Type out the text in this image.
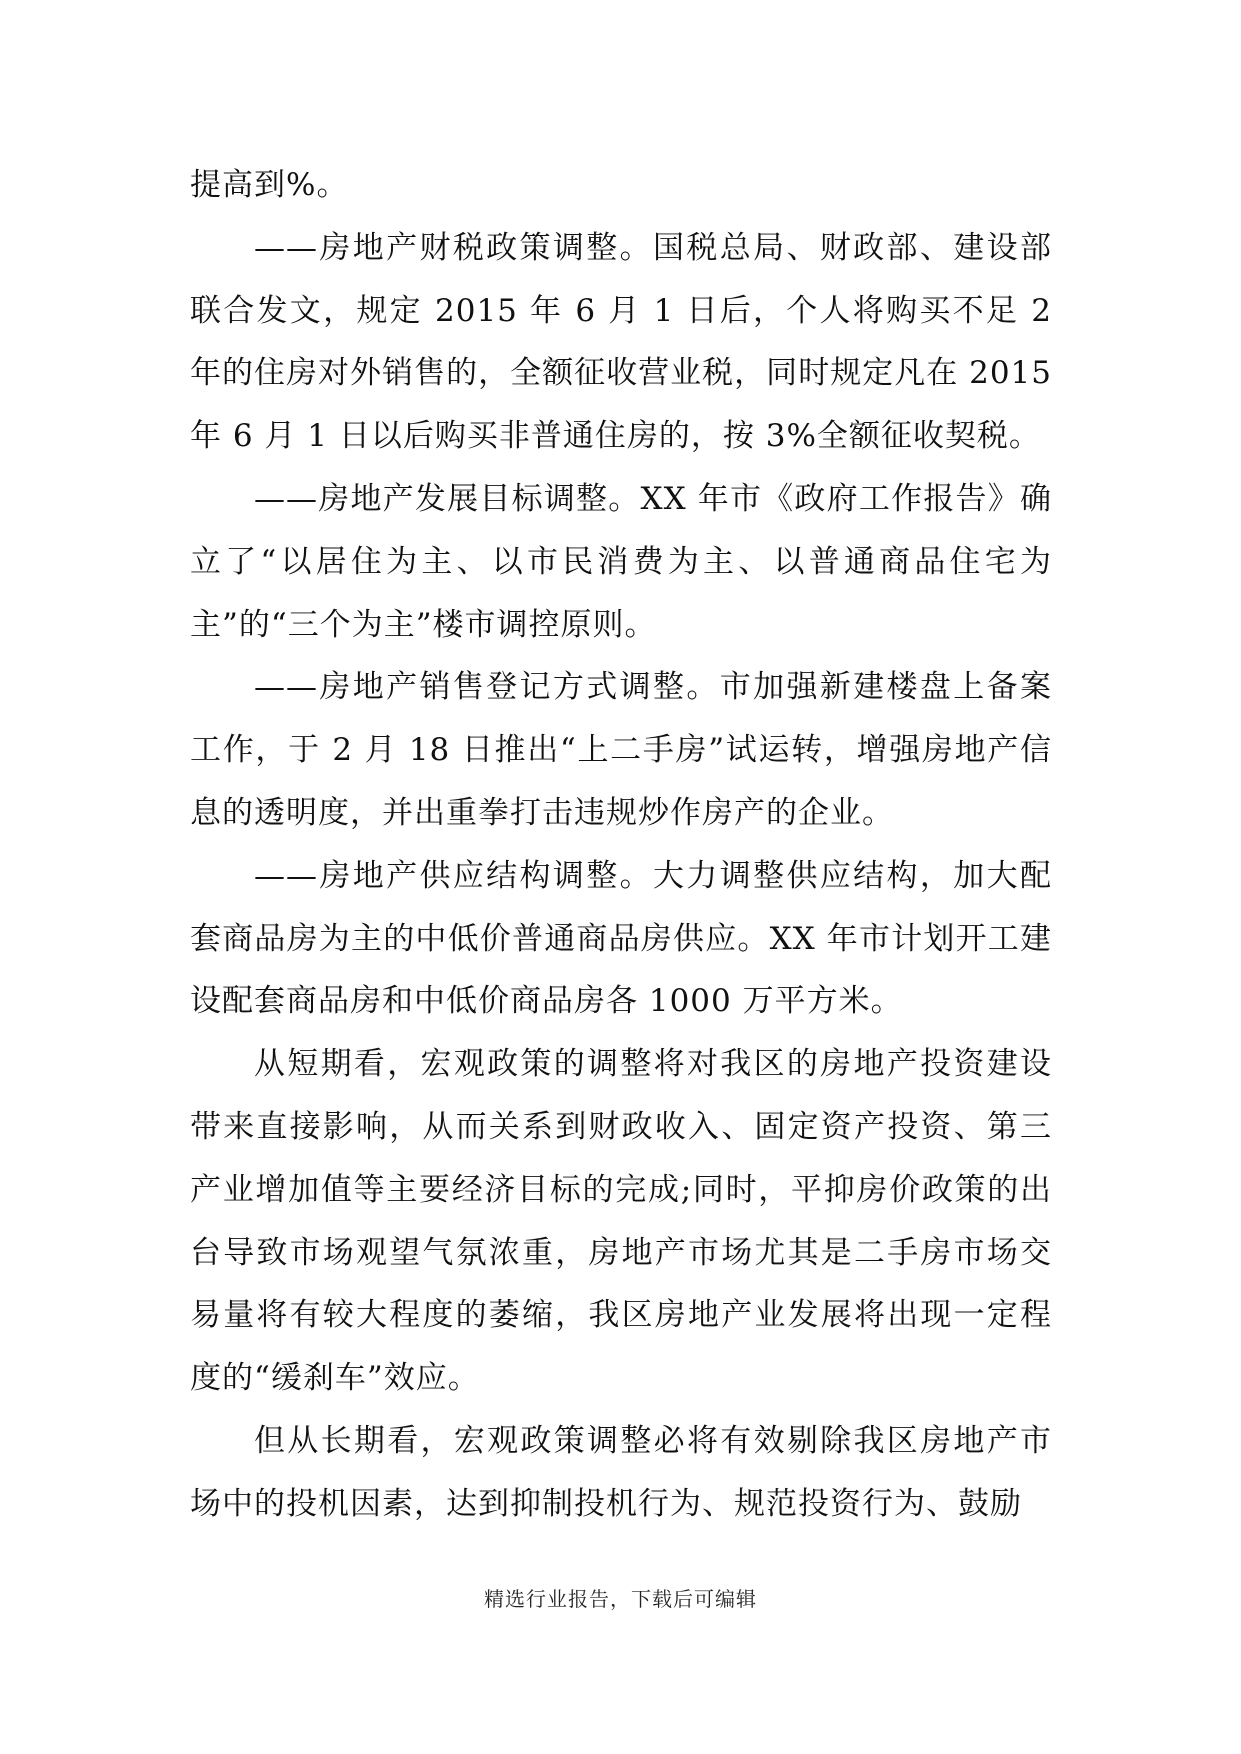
提高到%。

——房地产财税政策调整。国税总局、财政部、建设部联合发文，规定 2015 年 6 月 1 日后，个人将购买不足 2 年的住房对外销售的，全额征收营业税，同时规定凡在 2015 年 6 月 1 日以后购买非普通住房的，按 3%全额征收契税。

——房地产发展目标调整。XX 年市《政府工作报告》确立了“以居住为主、以市民消费为主、以普通商品住宅为主”的“三个为主”楼市调控原则。

——房地产销售登记方式调整。市加强新建楼盘上备案工作，于 2 月 18 日推出“上二手房”试运转，增强房地产信息的透明度，并出重拳打击违规炒作房产的企业。

——房地产供应结构调整。大力调整供应结构，加大配套商品房为主的中低价普通商品房供应。XX 年市计划开工建设配套商品房和中低价商品房各 1000 万平方米。

从短期看，宏观政策的调整将对我区的房地产投资建设带来直接影响，从而关系到财政收入、固定资产投资、第三产业增加值等主要经济目标的完成;同时，平抑房价政策的出台导致市场观望气氛浓重，房地产市场尤其是二手房市场交易量将有较大程度的萎缩，我区房地产业发展将出现一定程度的“缓刹车”效应。

但从长期看，宏观政策调整必将有效剔除我区房地产市场中的投机因素，达到抑制投机行为、规范投资行为、鼓励

精选行业报告，下载后可编辑
